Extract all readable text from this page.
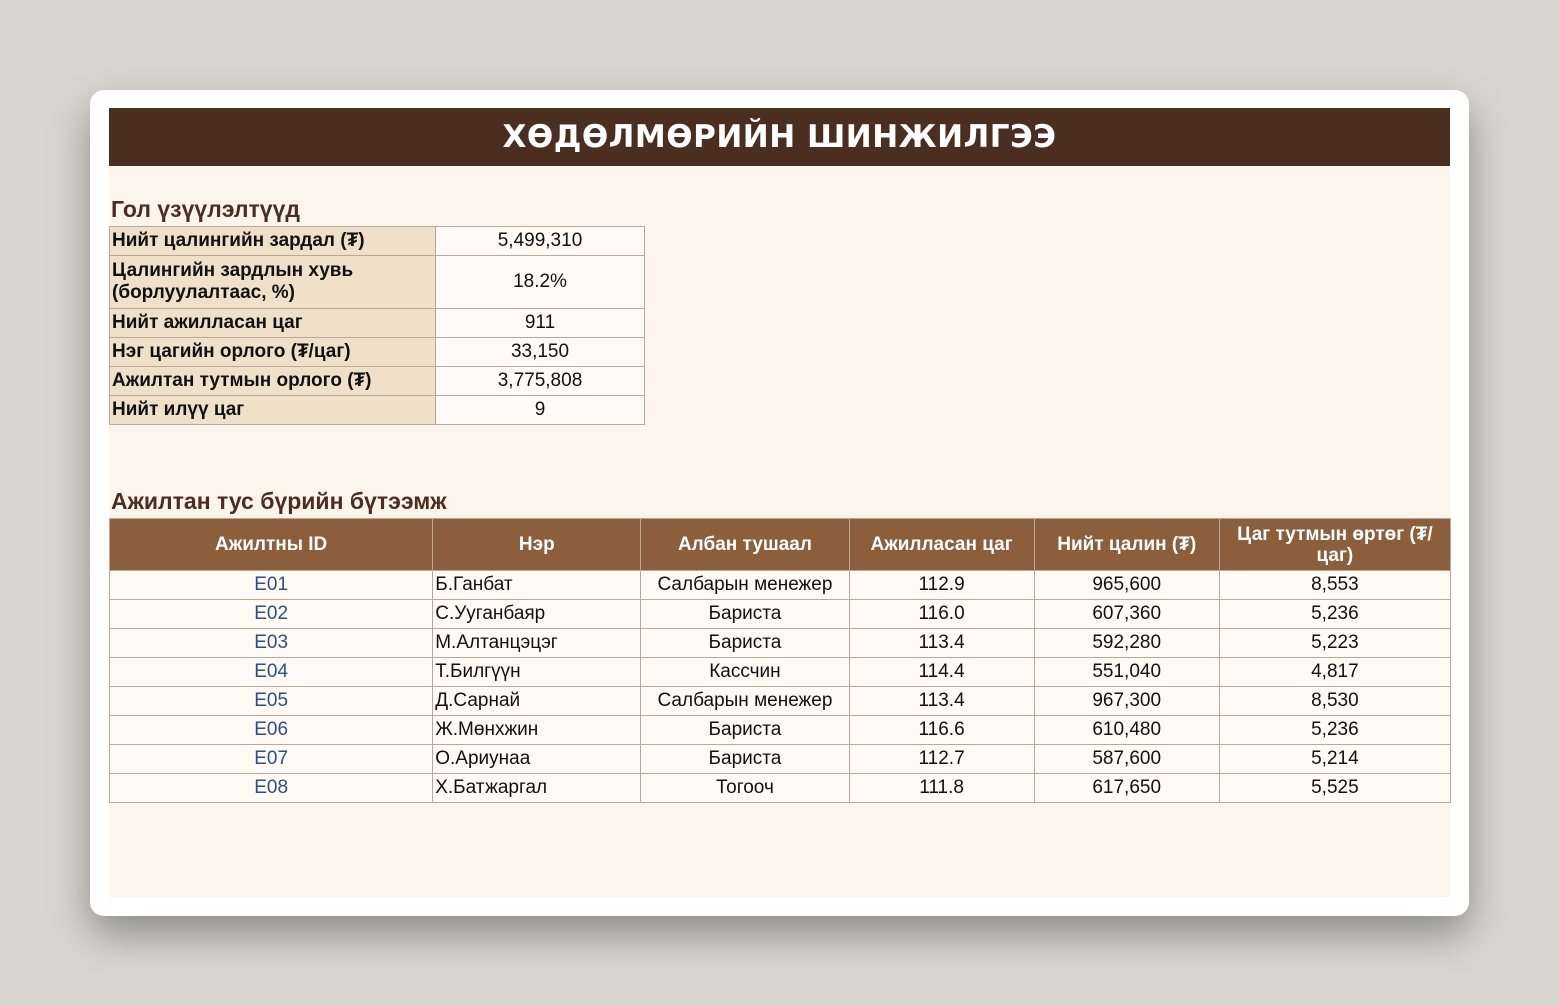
ХӨДӨЛМӨРИЙН ШИНЖИЛГЭЭ
Гол үзүүлэлтүүд
Нийт цалингийн зардал (₮)	5,499,310
Цалингийн зардлын хувь (борлуулалтаас, %)	18.2%
Нийт ажилласан цаг	911
Нэг цагийн орлого (₮/цаг)	33,150
Ажилтан тутмын орлого (₮)	3,775,808
Нийт илүү цаг	9
Ажилтан тус бүрийн бүтээмж
Ажилтны ID	Нэр	Албан тушаал	Ажилласан цаг	Нийт цалин (₮)	Цаг тутмын өртөг (₮/цаг)
E01	Б.Ганбат	Салбарын менежер	112.9	965,600	8,553
E02	С.Ууганбаяр	Бариста	116.0	607,360	5,236
E03	М.Алтанцэцэг	Бариста	113.4	592,280	5,223
E04	Т.Билгүүн	Кассчин	114.4	551,040	4,817
E05	Д.Сарнай	Салбарын менежер	113.4	967,300	8,530
E06	Ж.Мөнхжин	Бариста	116.6	610,480	5,236
E07	О.Ариунаа	Бариста	112.7	587,600	5,214
E08	Х.Батжаргал	Тогооч	111.8	617,650	5,525
